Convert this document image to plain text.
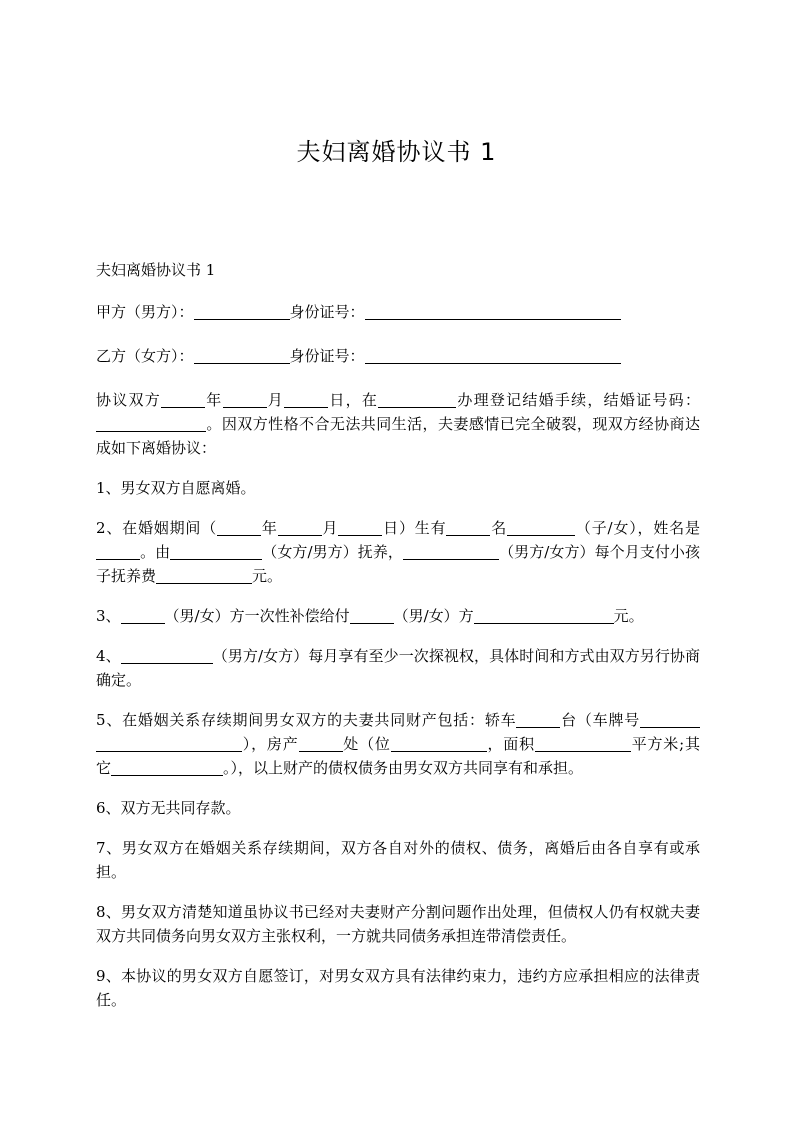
夫妇离婚协议书 1

夫妇离婚协议书 1

甲方（男方）：	身份证号：

乙方（女方）：	身份证号：

协议双方	年	月	日，在	办理登记结婚手续，结婚证号码：。因双方性格不合无法共同生活，夫妻感情已完全破裂，现双方经协商达成如下离婚协议：

1、男女双方自愿离婚。

2、在婚姻期间（	年	月	日）生有	名	（子/女），姓名是。由	（女方/男方）抚养，	（男方/女方）每个月支付小孩子抚养费	元。

3、	（男/女）方一次性补偿给付	（男/女）方	元。

4、	（男方/女方）每月享有至少一次探视权，具体时间和方式由双方另行协商确定。

5、在婚姻关系存续期间男女双方的夫妻共同财产包括：轿车	台（车牌号 ），房产	处（位	，面积	平方米;其它	。），以上财产的债权债务由男女双方共同享有和承担。

6、双方无共同存款。

7、男女双方在婚姻关系存续期间，双方各自对外的债权、债务，离婚后由各自享有或承担。

8、男女双方清楚知道虽协议书已经对夫妻财产分割问题作出处理，但债权人仍有权就夫妻双方共同债务向男女双方主张权利，一方就共同债务承担连带清偿责任。

9、本协议的男女双方自愿签订，对男女双方具有法律约束力，违约方应承担相应的法律责任。
